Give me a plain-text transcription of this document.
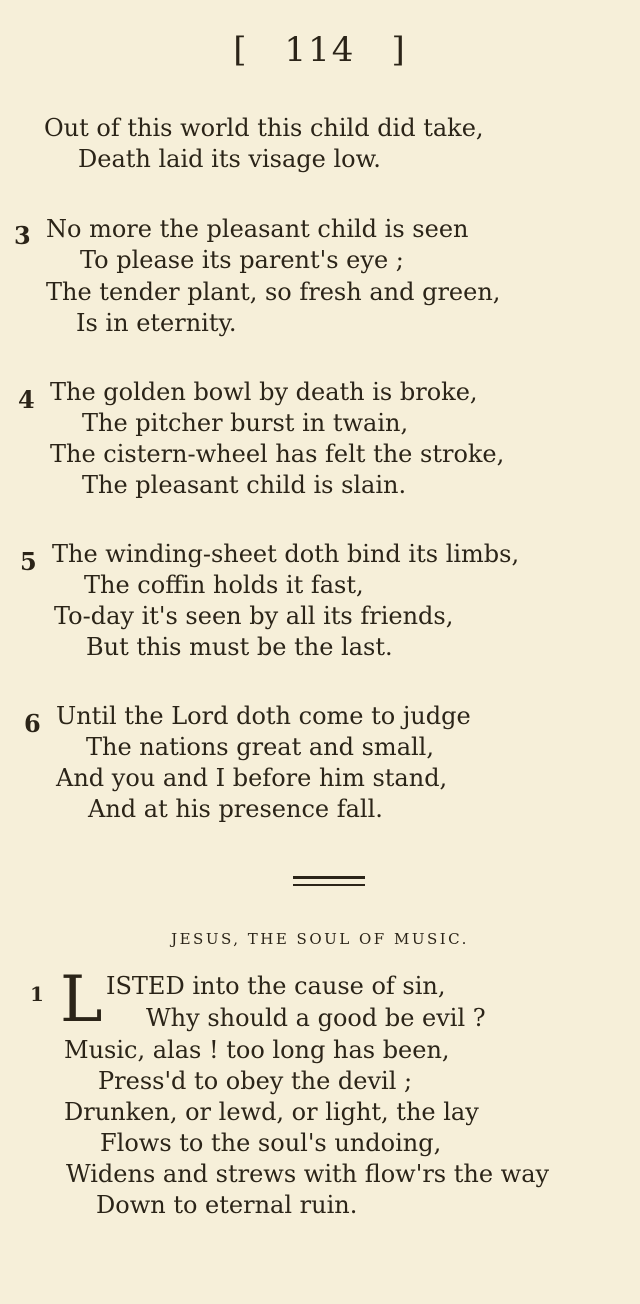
[ 114 ]
Out of this world this child did take,
Death laid its visage low.
3 No more the pleasant child is seen
To please its parent's eye ;
The tender plant, so fresh and green,
Is in eternity.
4 The golden bowl by death is broke,
The pitcher burst in twain,
The cistern-wheel has felt the stroke,
The pleasant child is slain.
5 The winding-sheet doth bind its limbs,
The coffin holds it fast,
To-day it's seen by all its friends,
But this must be the last.
6 Until the Lord doth come to judge
The nations great and small,
And you and I before him stand,
And at his presence fall.
JESUS, THE SOUL OF MUSIC.
1 L ISTED into the cause of sin,
Why should a good be evil ?
Music, alas ! too long has been,
Press'd to obey the devil ;
Drunken, or lewd, or light, the lay
Flows to the soul's undoing,
Widens and strews with flow'rs the way
Down to eternal ruin.
